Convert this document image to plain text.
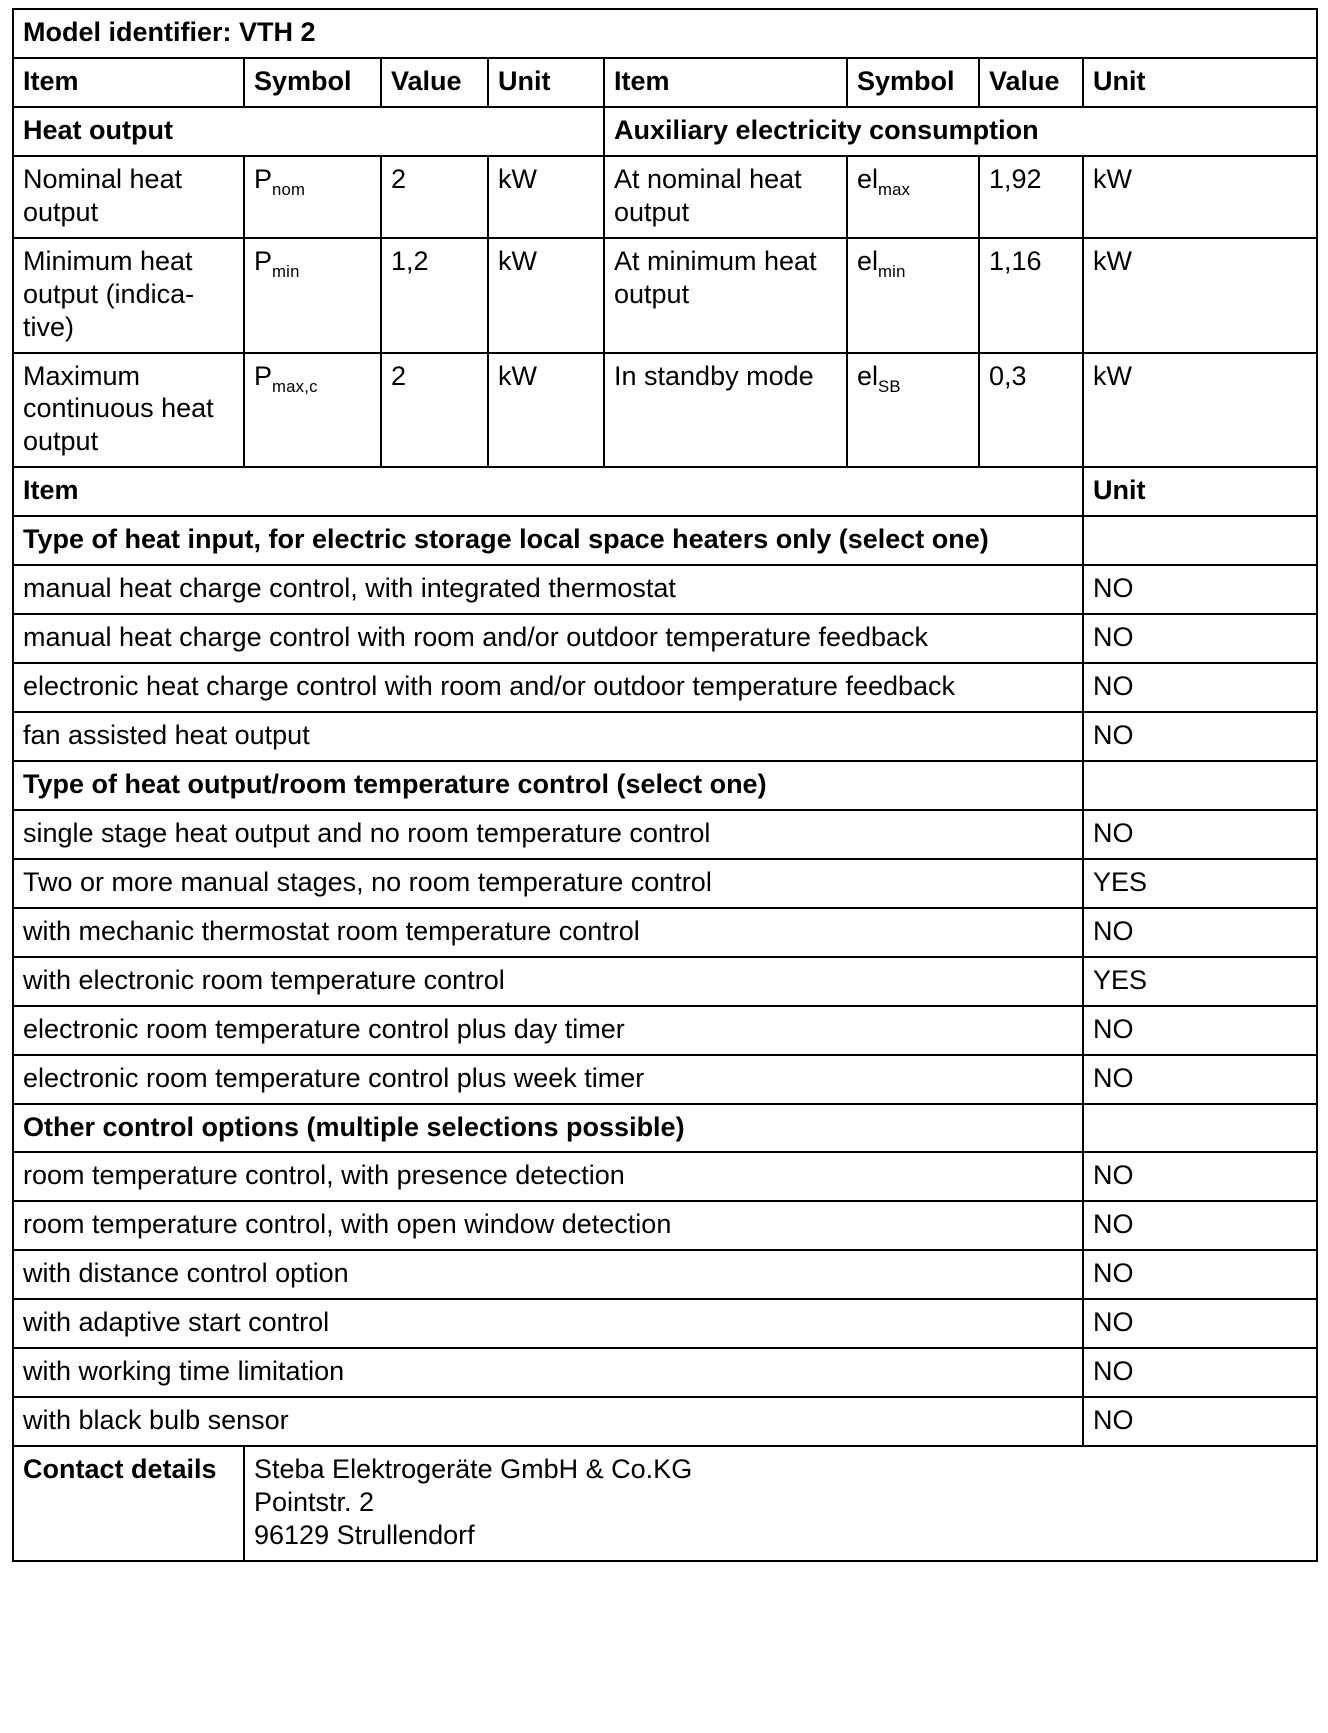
Model identifier: VTH 2							
Item	Symbol	Value	Unit	Item	Symbol	Value	Unit
Heat output				Auxiliary electricity consumption			
Nominal heat output	$P_{nom}$	2	kW	At nominal heat output	$el_{max}$	1,92	kW
Minimum heat output (indica-tive)	$P_{min}$	1,2	kW	At minimum heat output	$el_{min}$	1,16	kW
Maximum continuous heat output	$P_{max,c}$	2	kW	In standby mode	$el_{SB}$	0,3	kW
Item							Unit
Type of heat input, for electric storage local space heaters only (select one)							
manual heat charge control, with integrated thermostat							NO
manual heat charge control with room and/or outdoor temperature feedback							NO
electronic heat charge control with room and/or outdoor temperature feedback							NO
fan assisted heat output							NO
Type of heat output/room temperature control (select one)							
single stage heat output and no room temperature control							NO
Two or more manual stages, no room temperature control							YES
with mechanic thermostat room temperature control							NO
with electronic room temperature control							YES
electronic room temperature control plus day timer							NO
electronic room temperature control plus week timer							NO
Other control options (multiple selections possible)							
room temperature control, with presence detection							NO
room temperature control, with open window detection							NO
with distance control option							NO
with adaptive start control							NO
with working time limitation							NO
with black bulb sensor							NO
Contact details	Steba Elektrogeräte GmbH & Co.KG
Pointstr. 2
96129 Strullendorf						
